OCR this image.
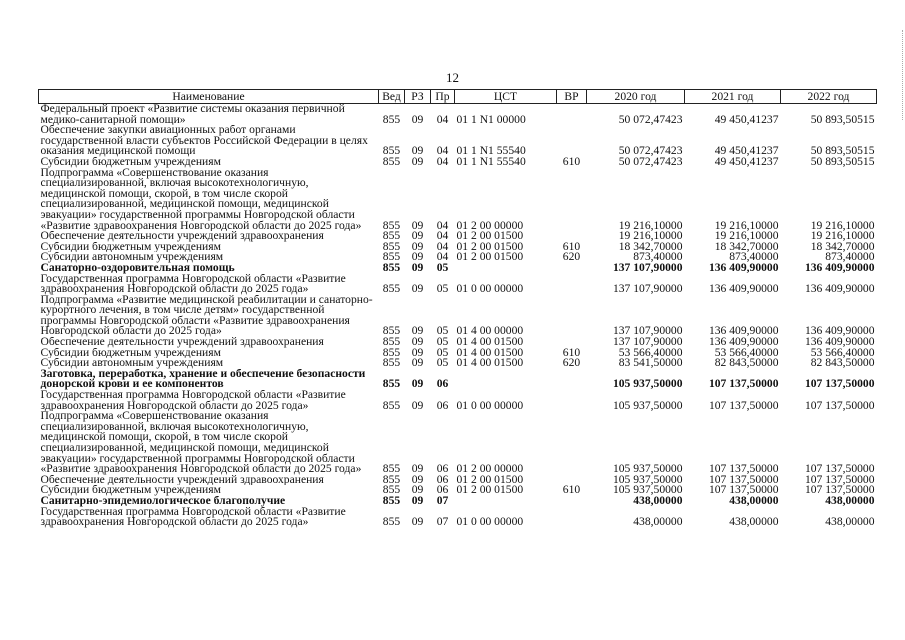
12
Наименование	Вед	РЗ	Пр	ЦСТ	ВР	2020 год	2021 год	2022 год
Федеральный проект «Развитие системы оказания первичной медико-санитарной помощи»	855	09	04	01 1 N1 00000		50 072,47423	49 450,41237	50 893,50515
Обеспечение закупки авиационных работ органами государственной власти субъектов Российской Федерации в целях оказания медицинской помощи	855	09	04	01 1 N1 55540		50 072,47423	49 450,41237	50 893,50515
Субсидии бюджетным учреждениям	855	09	04	01 1 N1 55540	610	50 072,47423	49 450,41237	50 893,50515
Подпрограмма «Совершенствование оказания специализированной, включая высокотехнологичную, медицинской помощи, скорой, в том числе скорой специализированной, медицинской помощи, медицинской эвакуации» государственной программы Новгородской области «Развитие здравоохранения Новгородской области до 2025 года»	855	09	04	01 2 00 00000		19 216,10000	19 216,10000	19 216,10000
Обеспечение деятельности учреждений здравоохранения	855	09	04	01 2 00 01500		19 216,10000	19 216,10000	19 216,10000
Субсидии бюджетным учреждениям	855	09	04	01 2 00 01500	610	18 342,70000	18 342,70000	18 342,70000
Субсидии автономным учреждениям	855	09	04	01 2 00 01500	620	873,40000	873,40000	873,40000
Санаторно-оздоровительная помощь	855	09	05			137 107,90000	136 409,90000	136 409,90000
Государственная программа Новгородской области «Развитие здравоохранения Новгородской области до 2025 года»	855	09	05	01 0 00 00000		137 107,90000	136 409,90000	136 409,90000
Подпрограмма «Развитие медицинской реабилитации и санаторно-курортного лечения, в том числе детям» государственной программы Новгородской области «Развитие здравоохранения Новгородской области до 2025 года»	855	09	05	01 4 00 00000		137 107,90000	136 409,90000	136 409,90000
Обеспечение деятельности учреждений здравоохранения	855	09	05	01 4 00 01500		137 107,90000	136 409,90000	136 409,90000
Субсидии бюджетным учреждениям	855	09	05	01 4 00 01500	610	53 566,40000	53 566,40000	53 566,40000
Субсидии автономным учреждениям	855	09	05	01 4 00 01500	620	83 541,50000	82 843,50000	82 843,50000
Заготовка, переработка, хранение и обеспечение безопасности донорской крови и ее компонентов	855	09	06			105 937,50000	107 137,50000	107 137,50000
Государственная программа Новгородской области «Развитие здравоохранения Новгородской области до 2025 года»	855	09	06	01 0 00 00000		105 937,50000	107 137,50000	107 137,50000
Подпрограмма «Совершенствование оказания специализированной, включая высокотехнологичную, медицинской помощи, скорой, в том числе скорой специализированной, медицинской помощи, медицинской эвакуации» государственной программы Новгородской области «Развитие здравоохранения Новгородской области до 2025 года»	855	09	06	01 2 00 00000		105 937,50000	107 137,50000	107 137,50000
Обеспечение деятельности учреждений здравоохранения	855	09	06	01 2 00 01500		105 937,50000	107 137,50000	107 137,50000
Субсидии бюджетным учреждениям	855	09	06	01 2 00 01500	610	105 937,50000	107 137,50000	107 137,50000
Санитарно-эпидемиологическое благополучие	855	09	07			438,00000	438,00000	438,00000
Государственная программа Новгородской области «Развитие здравоохранения Новгородской области до 2025 года»	855	09	07	01 0 00 00000		438,00000	438,00000	438,00000
